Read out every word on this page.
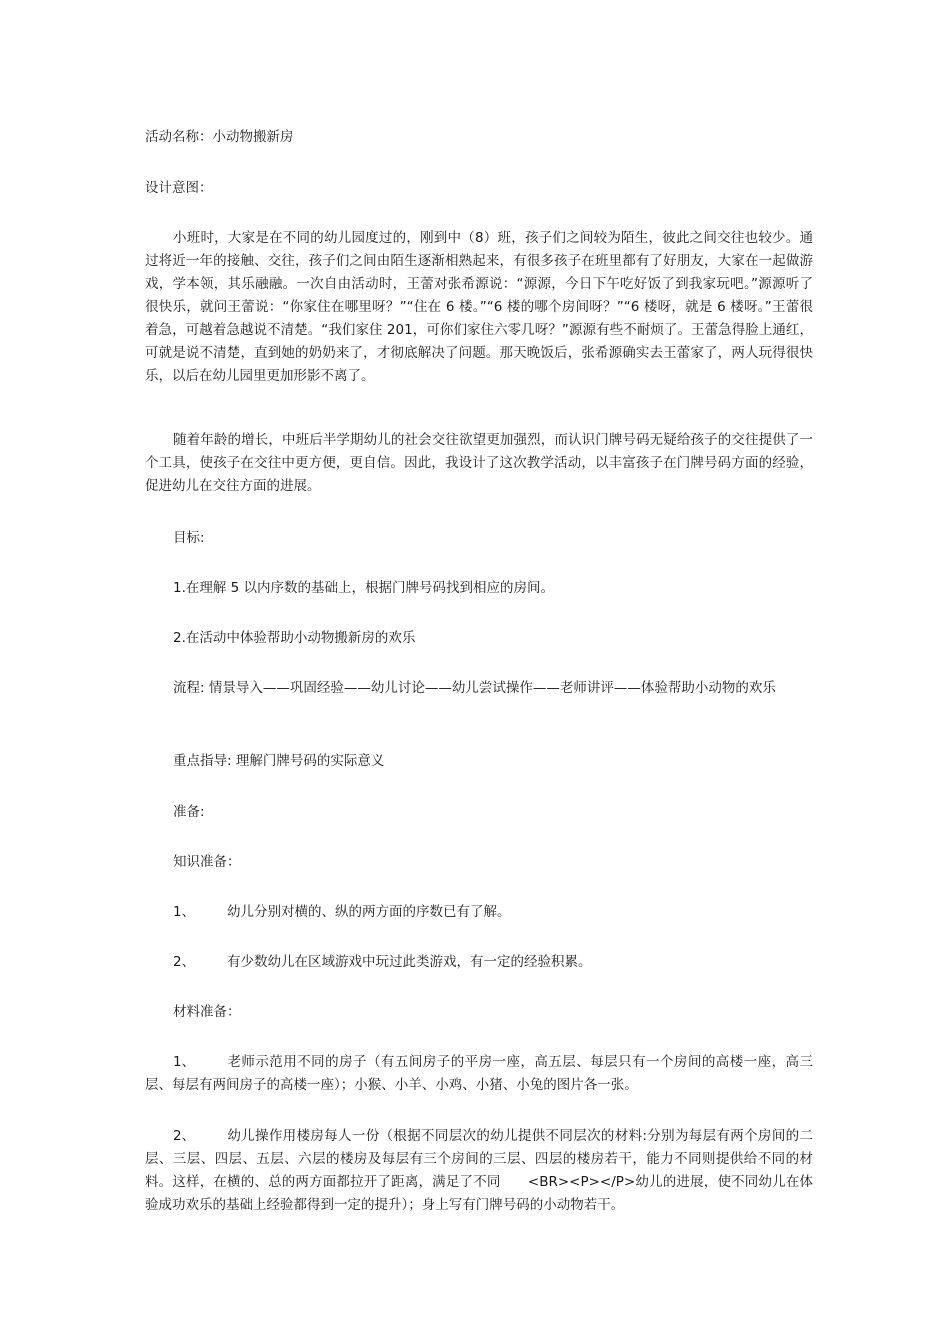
活动名称：小动物搬新房

设计意图：

小班时，大家是在不同的幼儿园度过的，刚到中（8）班，孩子们之间较为陌生，彼此之间交往也较少。通过将近一年的接触、交往，孩子们之间由陌生逐渐相熟起来，有很多孩子在班里都有了好朋友，大家在一起做游戏，学本领，其乐融融。一次自由活动时，王蕾对张希源说：“源源，今日下午吃好饭了到我家玩吧。”源源听了很快乐，就问王蕾说：“你家住在哪里呀？”“住在 6 楼。”“6 楼的哪个房间呀？”“6 楼呀，就是 6 楼呀。”王蕾很着急，可越着急越说不清楚。“我们家住 201，可你们家住六零几呀？”源源有些不耐烦了。王蕾急得脸上通红，可就是说不清楚，直到她的奶奶来了，才彻底解决了问题。那天晚饭后，张希源确实去王蕾家了，两人玩得很快乐，以后在幼儿园里更加形影不离了。

随着年龄的增长，中班后半学期幼儿的社会交往欲望更加强烈，而认识门牌号码无疑给孩子的交往提供了一个工具，使孩子在交往中更方便，更自信。因此，我设计了这次教学活动，以丰富孩子在门牌号码方面的经验，促进幼儿在交往方面的进展。

目标:

1.在理解 5 以内序数的基础上，根据门牌号码找到相应的房间。

2.在活动中体验帮助小动物搬新房的欢乐

流程: 情景导入——巩固经验——幼儿讨论——幼儿尝试操作——老师讲评——体验帮助小动物的欢乐

重点指导: 理解门牌号码的实际意义

准备:

知识准备：

1、 幼儿分别对横的、纵的两方面的序数已有了解。

2、 有少数幼儿在区域游戏中玩过此类游戏，有一定的经验积累。

材料准备：

1、 老师示范用不同的房子（有五间房子的平房一座，高五层、每层只有一个房间的高楼一座，高三层、每层有两间房子的高楼一座）；小猴、小羊、小鸡、小猪、小兔的图片各一张。

2、 幼儿操作用楼房每人一份（根据不同层次的幼儿提供不同层次的材料:分别为每层有两个房间的二层、三层、四层、五层、六层的楼房及每层有三个房间的三层、四层的楼房若干，能力不同则提供给不同的材料。这样，在横的、总的两方面都拉开了距离，满足了不同　　<BR><P></P>幼儿的进展，使不同幼儿在体验成功欢乐的基础上经验都得到一定的提升）；身上写有门牌号码的小动物若干。
